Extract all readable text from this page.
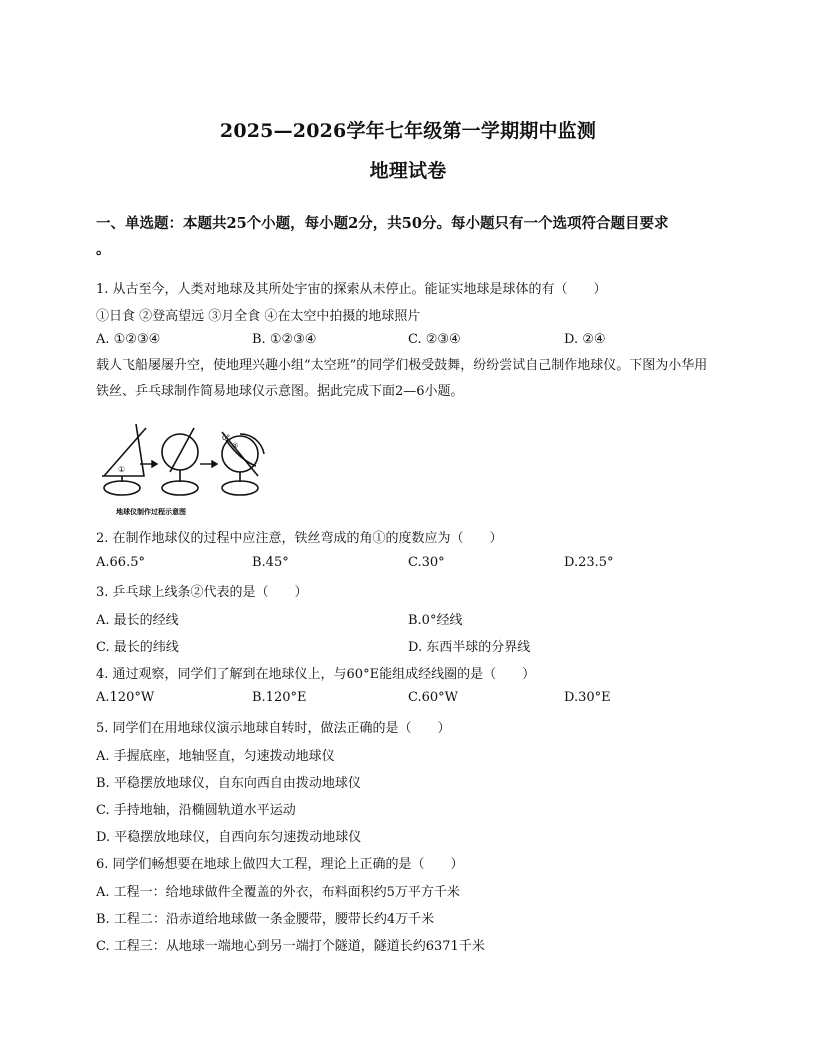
2025—2026学年七年级第一学期期中监测
地理试卷
一、单选题：本题共25个小题，每小题2分，共50分。每小题只有一个选项符合题目要求
。
1. 从古至今，人类对地球及其所处宇宙的探索从未停止。能证实地球是球体的有（　　）
①日食 ②登高望远 ③月全食 ④在太空中拍摄的地球照片
A. ①②③④	B. ①②③④	C. ②③④	D. ②④
载人飞船屡屡升空，使地理兴趣小组“太空班”的同学们极受鼓舞，纷纷尝试自己制作地球仪。下图为小华用铁丝、乒乓球制作简易地球仪示意图。据此完成下面2—6小题。
①
0°
②
地球仪制作过程示意图
2. 在制作地球仪的过程中应注意，铁丝弯成的角①的度数应为（　　）
A.66.5°	B.45°	C.30°	D.23.5°
3. 乒乓球上线条②代表的是（　　）
A. 最长的经线	B.0°经线
C. 最长的纬线	D. 东西半球的分界线
4. 通过观察，同学们了解到在地球仪上，与60°E能组成经线圈的是（　　）
A.120°W	B.120°E	C.60°W	D.30°E
5. 同学们在用地球仪演示地球自转时，做法正确的是（　　）
A. 手握底座，地轴竖直，匀速拨动地球仪
B. 平稳摆放地球仪，自东向西自由拨动地球仪
C. 手持地轴，沿椭圆轨道水平运动
D. 平稳摆放地球仪，自西向东匀速拨动地球仪
6. 同学们畅想要在地球上做四大工程，理论上正确的是（　　）
A. 工程一：给地球做件全覆盖的外衣，布料面积约5万平方千米
B. 工程二：沿赤道给地球做一条金腰带，腰带长约4万千米
C. 工程三：从地球一端地心到另一端打个隧道，隧道长约6371千米
